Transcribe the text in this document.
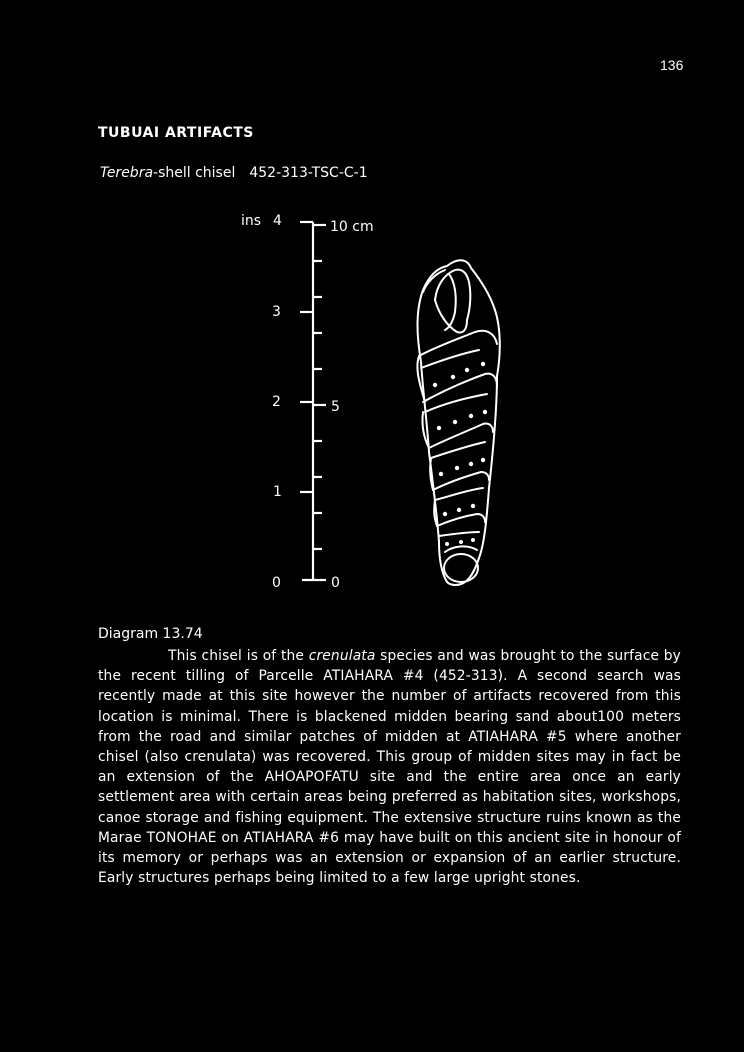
136
TUBUAI ARTIFACTS
Terebra-shell chisel 452-313-TSC-C-1
ins 4
3
2
1
0
10 cm
5
0
Diagram 13.74
This chisel is of the crenulata species and was brought to the surface by the recent tilling of Parcelle ATIAHARA #4 (452-313). A second search was recently made at this site however the number of artifacts recovered from this location is minimal. There is blackened midden bearing sand about100 meters from the road and similar patches of midden at ATIAHARA #5 where another chisel (also crenulata) was recovered. This group of midden sites may in fact be an extension of the AHOAPOFATU site and the entire area once an early settlement area with certain areas being preferred as habitation sites, workshops, canoe storage and fishing equipment. The extensive structure ruins known as the Marae TONOHAE on ATIAHARA #6 may have built on this ancient site in honour of its memory or perhaps was an extension or expansion of an earlier structure. Early structures perhaps being limited to a few large upright stones.
